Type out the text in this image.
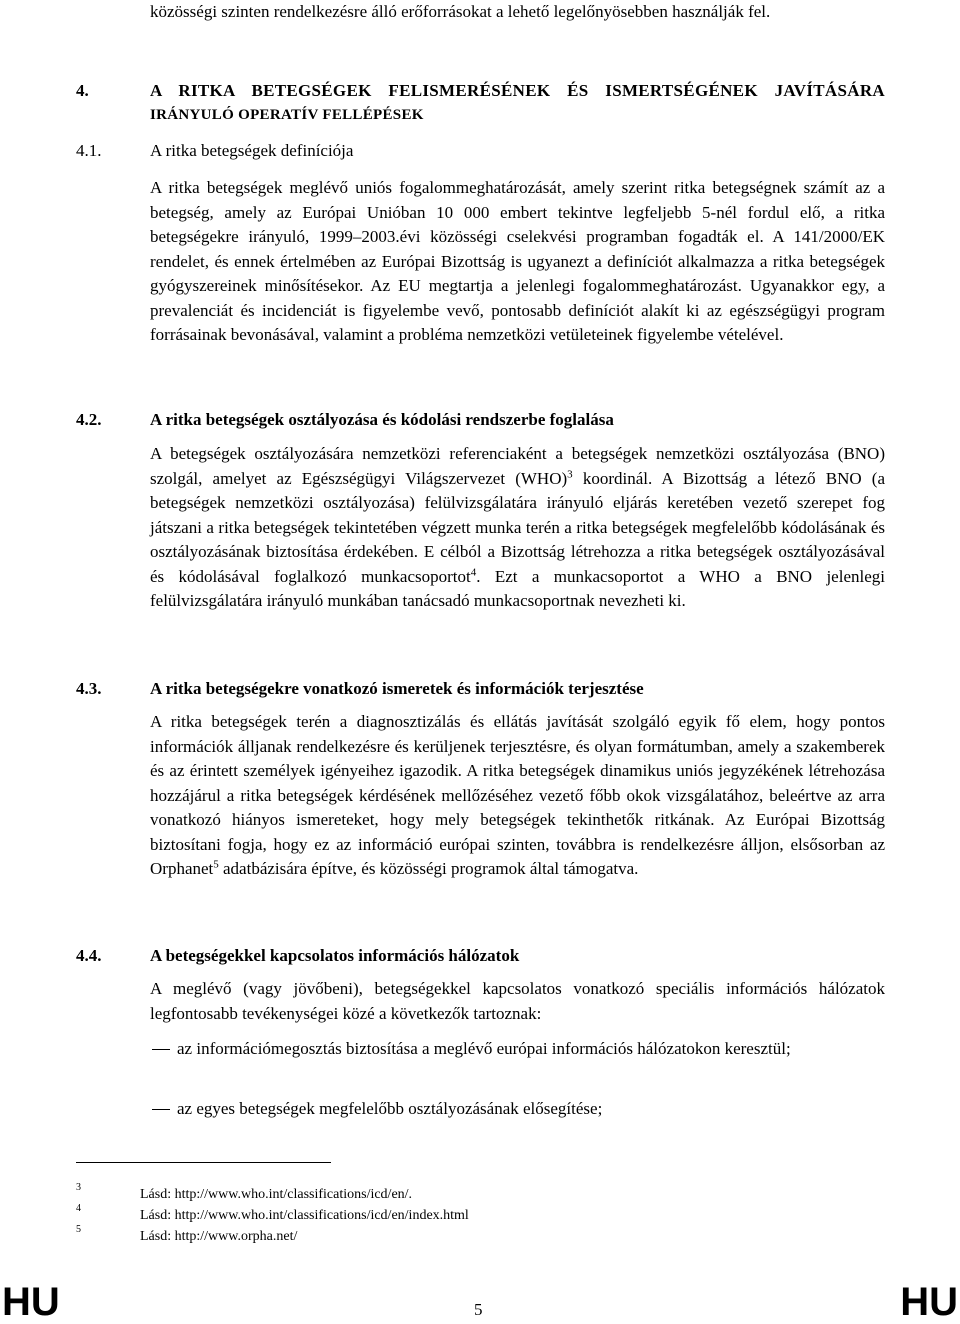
közösségi szinten rendelkezésre álló erőforrásokat a lehető legelőnyösebben használják fel.

4.	A RITKA BETEGSÉGEK FELISMERÉSÉNEK ÉS ISMERTSÉGÉNEK JAVÍTÁSÁRA
IRÁNYULÓ OPERATÍV FELLÉPÉSEK
4.1.	A ritka betegségek definíciója

A ritka betegségek meglévő uniós fogalommeghatározását, amely szerint ritka betegségnek számít az a betegség, amely az Európai Unióban 10 000 embert tekintve legfeljebb 5-nél fordul elő, a ritka betegségekre irányuló, 1999–2003.évi közösségi cselekvési programban fogadták el. A 141/2000/EK rendelet, és ennek értelmében az Európai Bizottság is ugyanezt a definíciót alkalmazza a ritka betegségek gyógyszereinek minősítésekor. Az EU megtartja a jelenlegi fogalommeghatározást. Ugyanakkor egy, a prevalenciát és incidenciát is figyelembe vevő, pontosabb definíciót alakít ki az egészségügyi program forrásainak bevonásával, valamint a probléma nemzetközi vetületeinek figyelembe vételével.

4.2.	A ritka betegségek osztályozása és kódolási rendszerbe foglalása

A betegségek osztályozására nemzetközi referenciaként a betegségek nemzetközi osztályozása (BNO) szolgál, amelyet az Egészségügyi Világszervezet (WHO)$^3$ koordinál. A Bizottság a létező BNO (a betegségek nemzetközi osztályozása) felülvizsgálatára irányuló eljárás keretében vezető szerepet fog játszani a ritka betegségek tekintetében végzett munka terén a ritka betegségek megfelelőbb kódolásának és osztályozásának biztosítása érdekében. E célból a Bizottság létrehozza a ritka betegségek osztályozásával és kódolásával foglalkozó munkacsoportot$^4$. Ezt a munkacsoportot a WHO a BNO jelenlegi felülvizsgálatára irányuló munkában tanácsadó munkacsoportnak nevezheti ki.

4.3.	A ritka betegségekre vonatkozó ismeretek és információk terjesztése

A ritka betegségek terén a diagnosztizálás és ellátás javítását szolgáló egyik fő elem, hogy pontos információk álljanak rendelkezésre és kerüljenek terjesztésre, és olyan formátumban, amely a szakemberek és az érintett személyek igényeihez igazodik. A ritka betegségek dinamikus uniós jegyzékének létrehozása hozzájárul a ritka betegségek kérdésének mellőzéséhez vezető főbb okok vizsgálatához, beleértve az arra vonatkozó hiányos ismereteket, hogy mely betegségek tekinthetők ritkának. Az Európai Bizottság biztosítani fogja, hogy ez az információ európai szinten, továbbra is rendelkezésre álljon, elsősorban az Orphanet$^5$ adatbázisára építve, és közösségi programok által támogatva.

4.4.	A betegségekkel kapcsolatos információs hálózatok

A meglévő (vagy jövőbeni), betegségekkel kapcsolatos vonatkozó speciális információs hálózatok legfontosabb tevékenységei közé a következők tartoznak:

az információmegosztás biztosítása a meglévő európai információs hálózatokon keresztül;
az egyes betegségek megfelelőbb osztályozásának elősegítése;
3	Lásd: http://www.who.int/classifications/icd/en/.
4	Lásd: http://www.who.int/classifications/icd/en/index.html
5	Lásd: http://www.orpha.net/
HU	5	HU
